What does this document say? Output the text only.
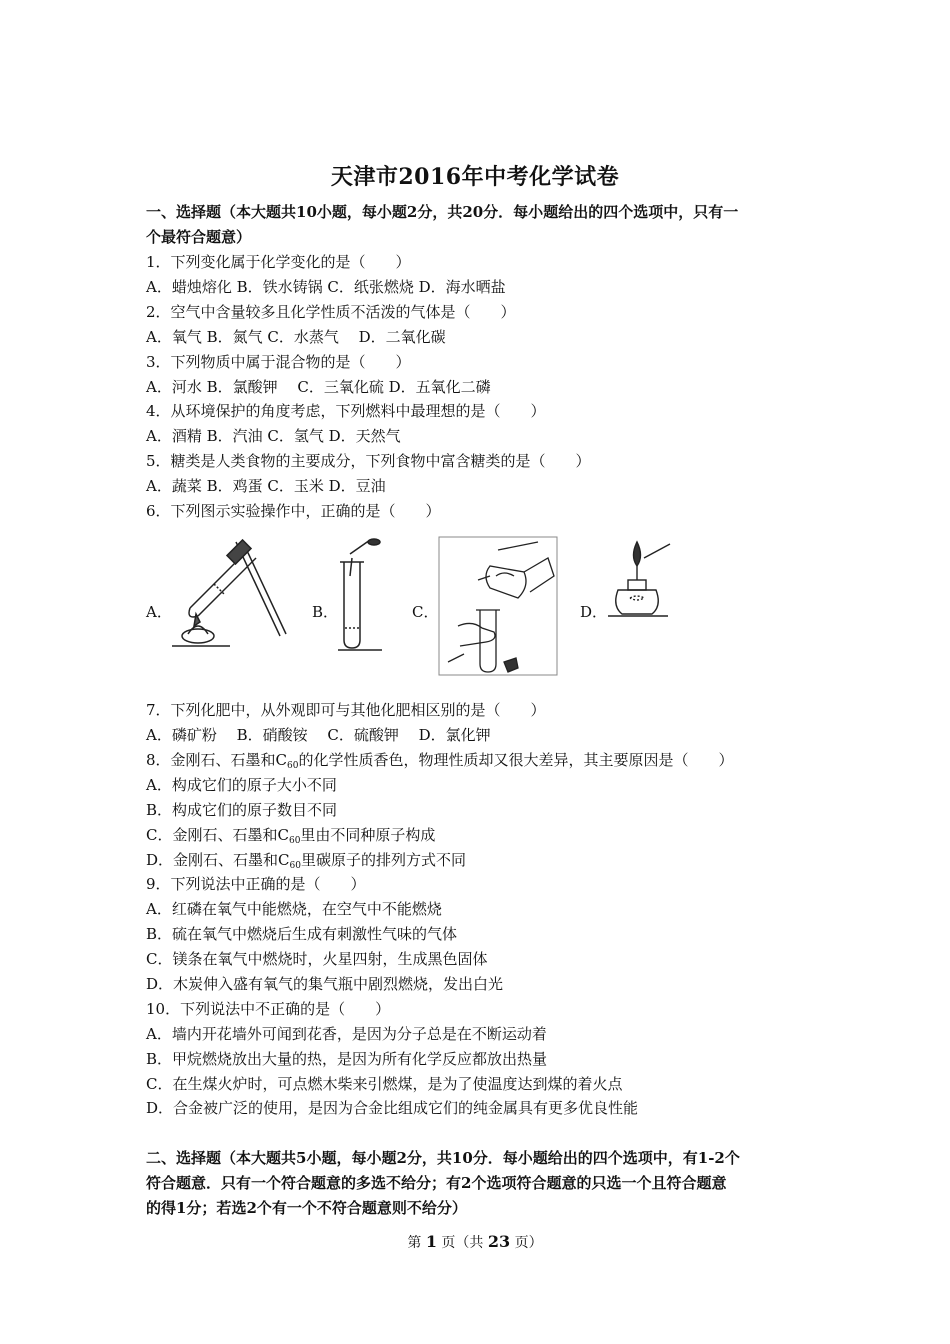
天津市2016年中考化学试卷
一、选择题（本大题共10小题，每小题2分，共20分．每小题给出的四个选项中，只有一
个最符合题意）
1．下列变化属于化学变化的是（　　）
A．蜡烛熔化 B．铁水铸锅 C．纸张燃烧 D．海水晒盐
2．空气中含量较多且化学性质不活泼的气体是（　　）
A．氧气 B．氮气 C．水蒸气　 D．二氧化碳
3．下列物质中属于混合物的是（　　）
A．河水 B．氯酸钾　 C．三氧化硫 D．五氧化二磷
4．从环境保护的角度考虑，下列燃料中最理想的是（　　）
A．酒精 B．汽油 C．氢气 D．天然气
5．糖类是人类食物的主要成分，下列食物中富含糖类的是（　　）
A．蔬菜 B．鸡蛋 C．玉米 D．豆油
6．下列图示实验操作中，正确的是（　　）
A．	B．	C．	D．
7．下列化肥中，从外观即可与其他化肥相区别的是（　　）
A．磷矿粉　 B．硝酸铵　 C．硫酸钾　 D．氯化钾
8．金刚石、石墨和$C_{60}$的化学性质香色，物理性质却又很大差异，其主要原因是（　　）
A．构成它们的原子大小不同
B．构成它们的原子数目不同
C．金刚石、石墨和$C_{60}$里由不同种原子构成
D．金刚石、石墨和$C_{60}$里碳原子的排列方式不同
9．下列说法中正确的是（　　）
A．红磷在氧气中能燃烧，在空气中不能燃烧
B．硫在氧气中燃烧后生成有刺激性气味的气体
C．镁条在氧气中燃烧时，火星四射，生成黑色固体
D．木炭伸入盛有氧气的集气瓶中剧烈燃烧，发出白光
10．下列说法中不正确的是（　　）
A．墙内开花墙外可闻到花香，是因为分子总是在不断运动着
B．甲烷燃烧放出大量的热，是因为所有化学反应都放出热量
C．在生煤火炉时，可点燃木柴来引燃煤，是为了使温度达到煤的着火点
D．合金被广泛的使用，是因为合金比组成它们的纯金属具有更多优良性能
二、选择题（本大题共5小题，每小题2分，共10分．每小题给出的四个选项中，有1-2个
符合题意．只有一个符合题意的多选不给分；有2个选项符合题意的只选一个且符合题意
的得1分；若选2个有一个不符合题意则不给分）
第 1 页（共 23 页）
